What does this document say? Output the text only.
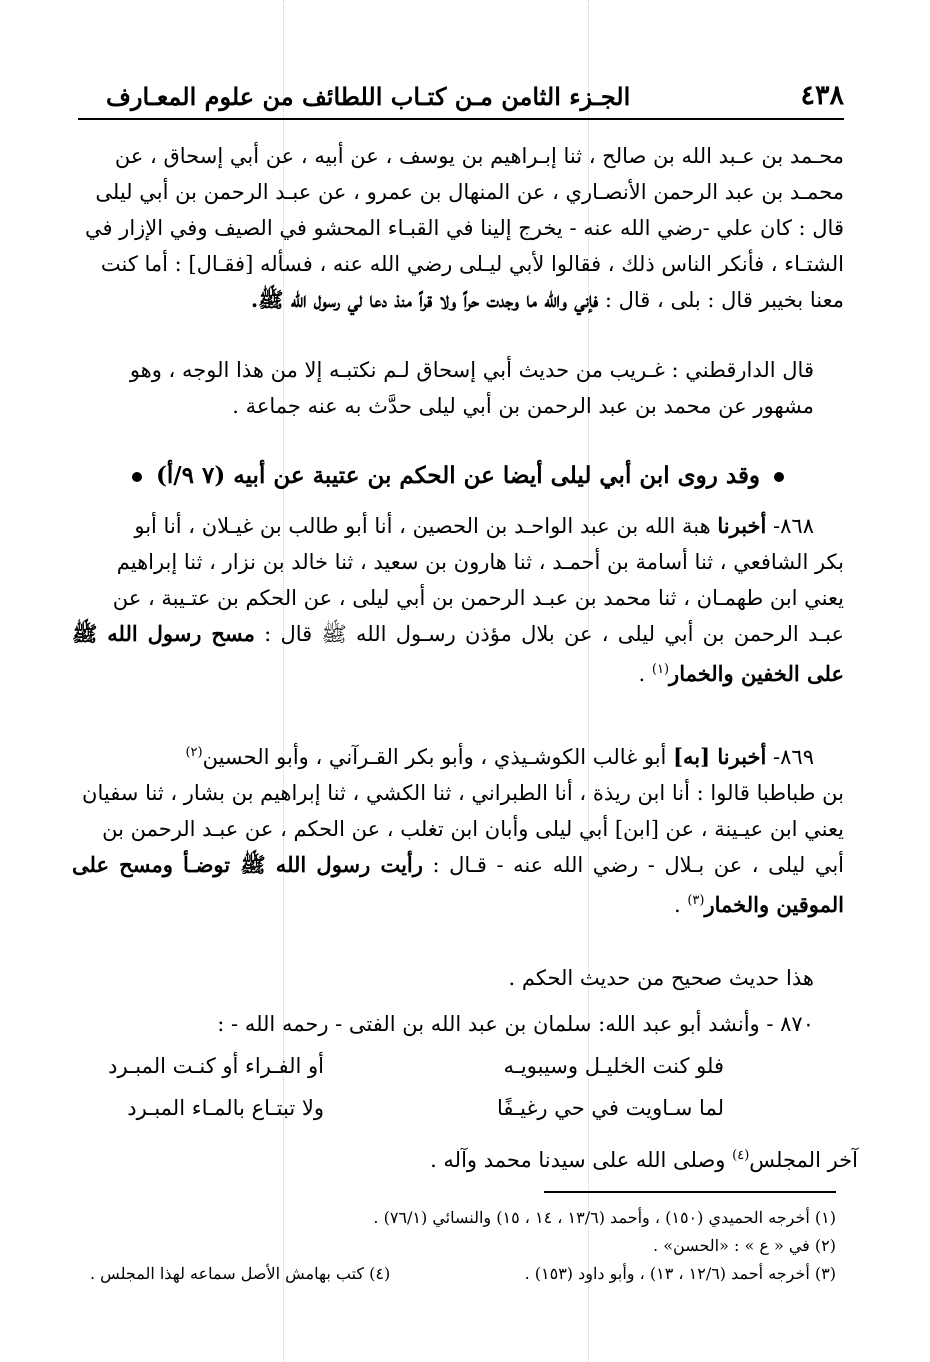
٤٣٨
الجـزء الثامن مـن كتـاب اللطائف من علوم المعـارف

محـمد بن عـبد الله بن صالح ، ثنا إبـراهيم بن يوسف ، عن أبيه ، عن أبي إسحاق ، عن

محمـد بن عبد الرحمن الأنصـاري ، عن المنهال بن عمرو ، عن عبـد الرحمن بن أبي ليلى

قال : كان علي -رضي الله عنه - يخرج إلينا في القبـاء المحشو في الصيف وفي الإزار في

الشتـاء ، فأنكر الناس ذلك ، فقالوا لأبي ليـلى رضي الله عنه ، فسأله [فقـال] : أما كنت

معنا بخيبر قال : بلى ، قال : فإني والله ما وجدت حراً ولا قراً منذ دعا لي رسول الله ﷺ.

قال الدارقطني : غـريب من حديث أبي إسحاق لـم نكتبـه إلا من هذا الوجه ، وهو

مشهور عن محمد بن عبد الرحمن بن أبي ليلى حدَّث به عنه جماعة .

وقد روى ابن أبي ليلى أيضا عن الحكم بن عتيبة عن أبيه (٧ ٩/أ)

٨٦٨- أخبرنا هبة الله بن عبد الواحـد بن الحصين ، أنا أبو طالب بن غيـلان ، أنا أبو

بكر الشافعي ، ثنا أسامة بن أحمـد ، ثنا هارون بن سعيد ، ثنا خالد بن نزار ، ثنا إبراهيم

يعني ابن طهمـان ، ثنا محمد بن عبـد الرحمن بن أبي ليلى ، عن الحكم بن عتـيبة ، عن

عبـد الرحمن بن أبي ليلى ، عن بلال مؤذن رسـول الله ﷺ قال : مسح رسول الله ﷺ على الخفين والخمار$^{(١)}$ .

٨٦٩- أخبرنا [به] أبو غالب الكوشـيذي ، وأبو بكر القـرآني ، وأبو الحسين$^{(٢)}$

بن طباطبا قالوا : أنا ابن ريذة ، أنا الطبراني ، ثنا الكشي ، ثنا إبراهيم بن بشار ، ثنا سفيان

يعني ابن عيـينة ، عن [ابن] أبي ليلى وأبان ابن تغلب ، عن الحكم ، عن عبـد الرحمن بن

أبي ليلى ، عن بـلال - رضي الله عنه - قـال : رأيت رسول الله ﷺ توضـأ ومسح على الموقين والخمار$^{(٣)}$ .

هذا حديث صحيح من حديث الحكم .

٨٧٠ - وأنشد أبو عبد الله: سلمان بن عبد الله بن الفتى - رحمه الله - :

فلو كنت الخليـل وسيبويـه
أو الفـراء أو كنـت المبـرد
لما سـاويت في حي رغيـفًا
ولا تبتـاع بالمـاء المبـرد
آخر المجلس$^{(٤)}$ وصلى الله على سيدنا محمد وآله .
(١) أخرجه الحميدي (١٥٠) ، وأحمد (١٣/٦ ، ١٤ ، ١٥) والنسائي (٧٦/١) .
(٢) في « ع » : «الحسن» .
(٣) أخرجه أحمد (١٢/٦ ، ١٣) ، وأبو داود (١٥٣) .
(٤) كتب بهامش الأصل سماعه لهذا المجلس .
